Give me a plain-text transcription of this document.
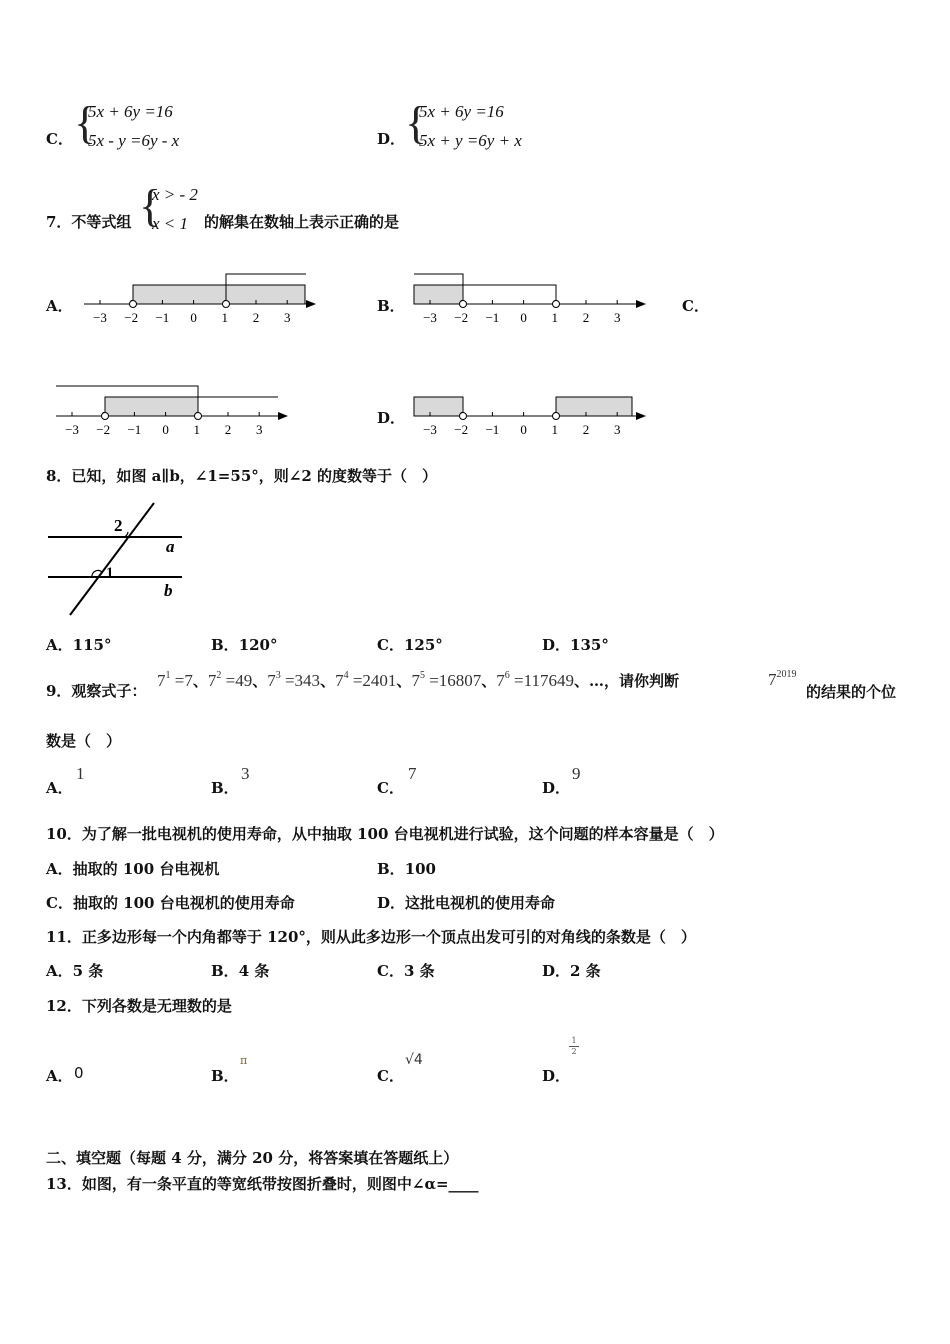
C． {
5x + 6y =16
5x - y =6y - x	D． {
5x + 6y =16
5x + y =6y + x
7．不等式组 {
x > - 2
x < 1 的解集在数轴上表示正确的是
A．	B．	C．
D．
−3 −2 −1 0 1 2 3	−3 −2 −1 0 1 2 3
−3 −2 −1 0 1 2 3	−3 −2 −1 0 1 2 3
8．已知，如图 a∥b，∠1=55°，则∠2 的度数等于（　）
2
1
a
b
A．115°	B．120°	C．125°	D．135°
9．观察式子：
$7^1 =7$、$7^2 =49$、$7^3 =343$、$7^4 =2401$、$7^5 =16807$、$7^6 =117649$、…，请你判断	$7^{2019}$
的结果的个位
数是（　）
A．
1
B．
3
C．
7
D．
9
10．为了解一批电视机的使用寿命，从中抽取 100 台电视机进行试验，这个问题的样本容量是（　）
A．抽取的 100 台电视机	B．100
C．抽取的 100 台电视机的使用寿命	D．这批电视机的使用寿命
11．正多边形每一个内角都等于 120°，则从此多边形一个顶点出发可引的对角线的条数是（　）
A．5 条	B．4 条	C．3 条	D．2 条
12．下列各数是无理数的是
A． 0	B．
π
C．
√4
D．
$\frac{1}{2}$
二、填空题（每题 4 分，满分 20 分，将答案填在答题纸上）
13．如图，有一条平直的等宽纸带按图折叠时，则图中∠α=____
